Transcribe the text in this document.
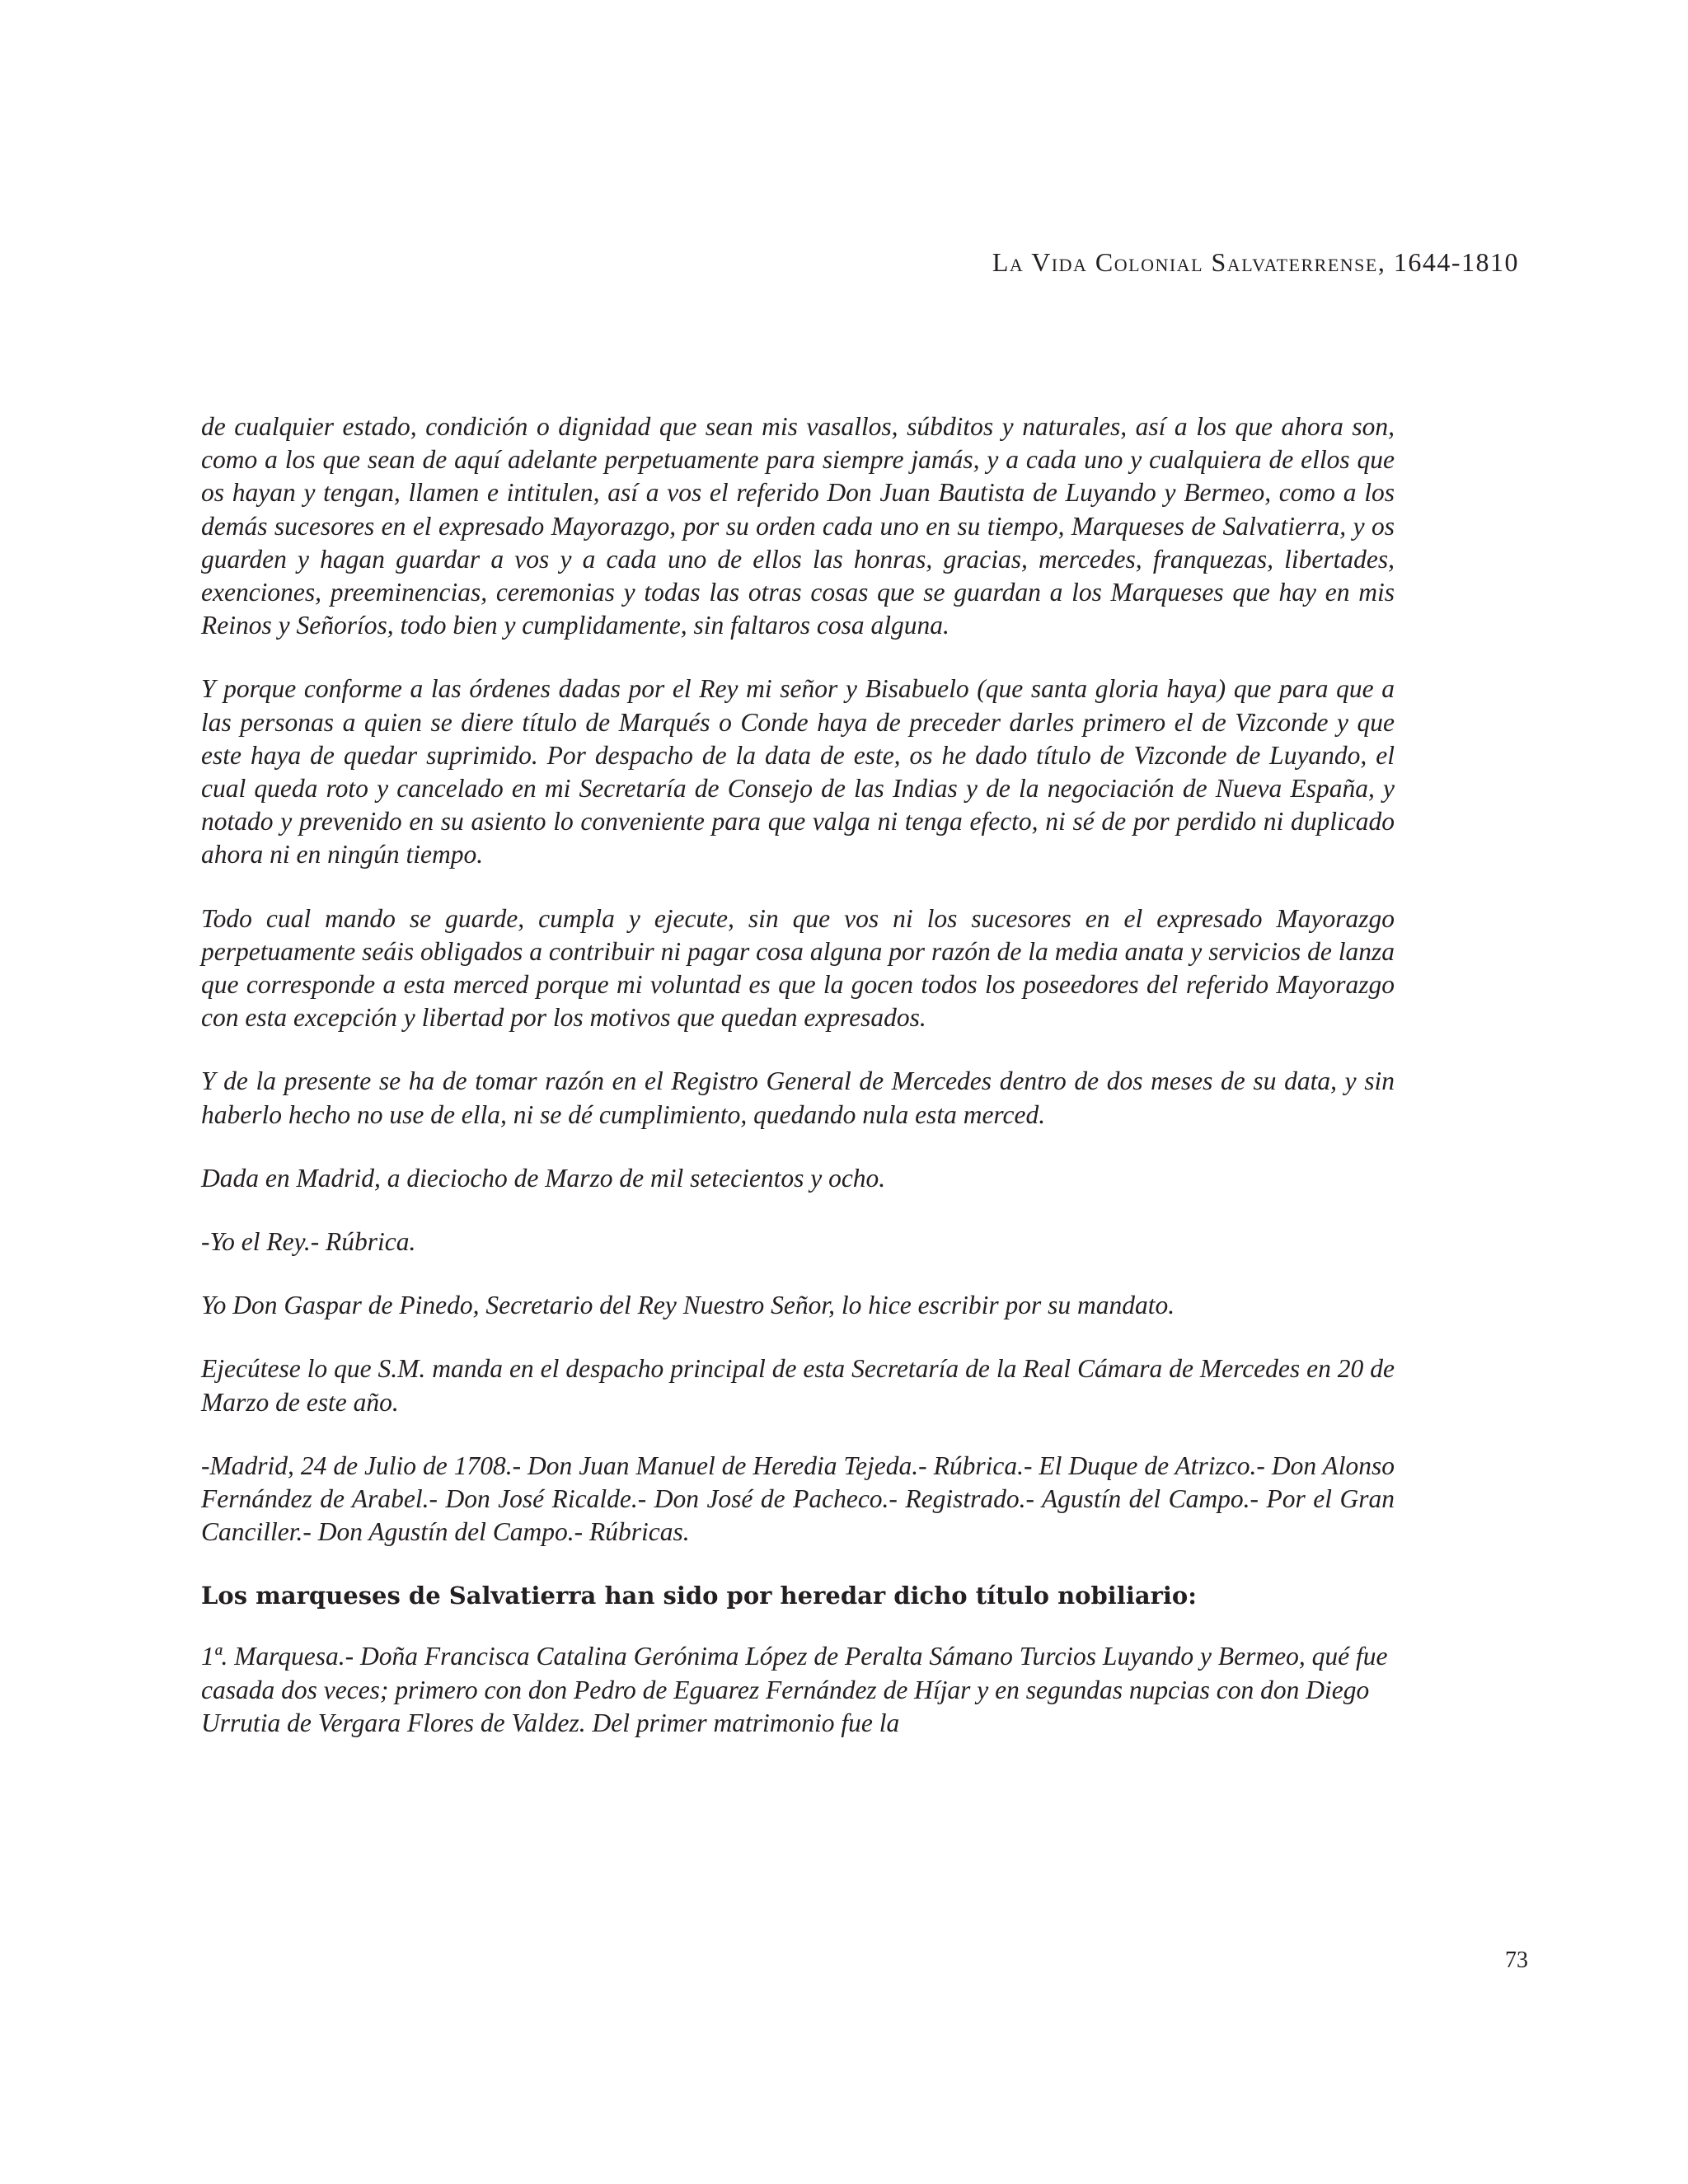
La Vida Colonial Salvaterrense, 1644-1810

de cualquier estado, condición o dignidad que sean mis vasallos, súbditos y naturales, así a los que ahora son, como a los que sean de aquí adelante perpetuamente para siempre jamás, y a cada uno y cualquiera de ellos que os hayan y tengan, llamen e intitulen, así a vos el referido Don Juan Bautista de Luyando y Bermeo, como a los demás sucesores en el expresado Mayorazgo, por su orden cada uno en su tiempo, Marqueses de Salvatierra, y os guarden y hagan guardar a vos y a cada uno de ellos las honras, gracias, mercedes, franquezas, libertades, exenciones, preeminencias, ceremonias y todas las otras cosas que se guardan a los Marqueses que hay en mis Reinos y Señoríos, todo bien y cumplidamente, sin faltaros cosa alguna.

Y porque conforme a las órdenes dadas por el Rey mi señor y Bisabuelo (que santa gloria haya) que para que a las personas a quien se diere título de Marqués o Conde haya de preceder darles primero el de Vizconde y que este haya de quedar suprimido. Por despacho de la data de este, os he dado título de Vizconde de Luyando, el cual queda roto y cancelado en mi Secretaría de Consejo de las Indias y de la negociación de Nueva España, y notado y prevenido en su asiento lo conveniente para que valga ni tenga efecto, ni sé de por perdido ni duplicado ahora ni en ningún tiempo.

Todo cual mando se guarde, cumpla y ejecute, sin que vos ni los sucesores en el expresado Mayorazgo perpetuamente seáis obligados a contribuir ni pagar cosa alguna por razón de la media anata y servicios de lanza que corresponde a esta merced porque mi voluntad es que la gocen todos los poseedores del referido Mayorazgo con esta excepción y libertad por los motivos que quedan expresados.

Y de la presente se ha de tomar razón en el Registro General de Mercedes dentro de dos meses de su data, y sin haberlo hecho no use de ella, ni se dé cumplimiento, quedando nula esta merced.

Dada en Madrid, a dieciocho de Marzo de mil setecientos y ocho.

-Yo el Rey.- Rúbrica.

Yo Don Gaspar de Pinedo, Secretario del Rey Nuestro Señor, lo hice escribir por su mandato.

Ejecútese lo que S.M. manda en el despacho principal de esta Secretaría de la Real Cámara de Mercedes en 20 de Marzo de este año.

-Madrid, 24 de Julio de 1708.- Don Juan Manuel de Heredia Tejeda.- Rúbrica.- El Duque de Atrizco.- Don Alonso Fernández de Arabel.- Don José Ricalde.- Don José de Pacheco.- Registrado.- Agustín del Campo.- Por el Gran Canciller.- Don Agustín del Campo.- Rúbricas.

Los marqueses de Salvatierra han sido por heredar dicho título nobiliario:

1ª. Marquesa.- Doña Francisca Catalina Gerónima López de Peralta Sámano Turcios Luyando y Bermeo, qué fue casada dos veces; primero con don Pedro de Eguarez Fernández de Híjar y en segundas nupcias con don Diego Urrutia de Vergara Flores de Valdez. Del primer matrimonio fue la

73
